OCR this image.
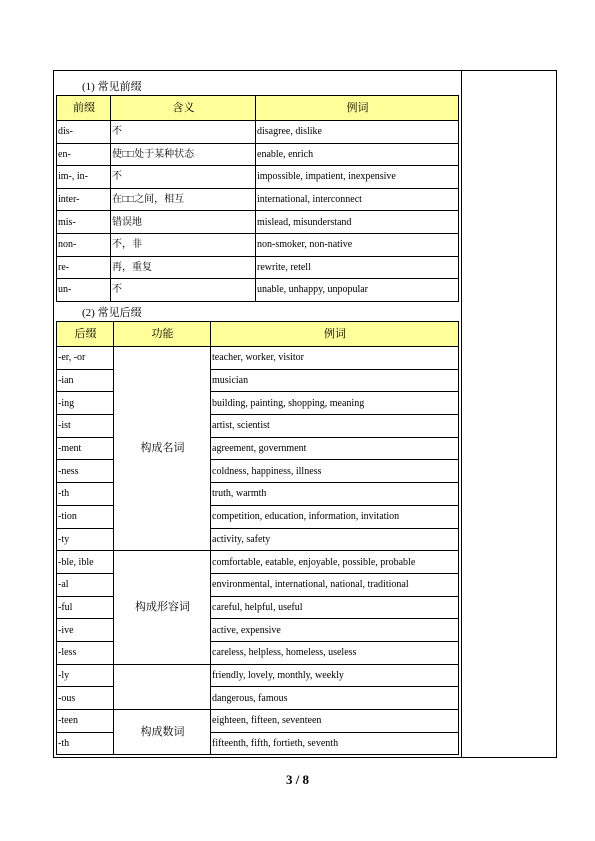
(1) 常见前缀
前缀	含义	例词
dis-	不	disagree, dislike
en-	使□□处于某种状态	enable, enrich
im-, in-	不	impossible, impatient, inexpensive
inter-	在□□之间，相互	international, interconnect
mis-	错误地	mislead, misunderstand
non-	不，非	non-smoker, non-native
re-	再，重复	rewrite, retell
un-	不	unable, unhappy, unpopular
(2) 常见后缀
后缀	功能	例词
-er, -or	构成名词	teacher, worker, visitor
-ian		musician
-ing		building, painting, shopping, meaning
-ist		artist, scientist
-ment		agreement, government
-ness		coldness, happiness, illness
-th		truth, warmth
-tion		competition, education, information, invitation
-ty		activity, safety
-ble, ible	构成形容词	comfortable, eatable, enjoyable, possible, probable
-al		environmental, international, national, traditional
-ful		careful, helpful, useful
-ive		active, expensive
-less		careless, helpless, homeless, useless
-ly		friendly, lovely, monthly, weekly
-ous		dangerous, famous
-teen	构成数词	eighteen, fifteen, seventeen
-th		fifteenth, fifth, fortieth, seventh
3 / 8
